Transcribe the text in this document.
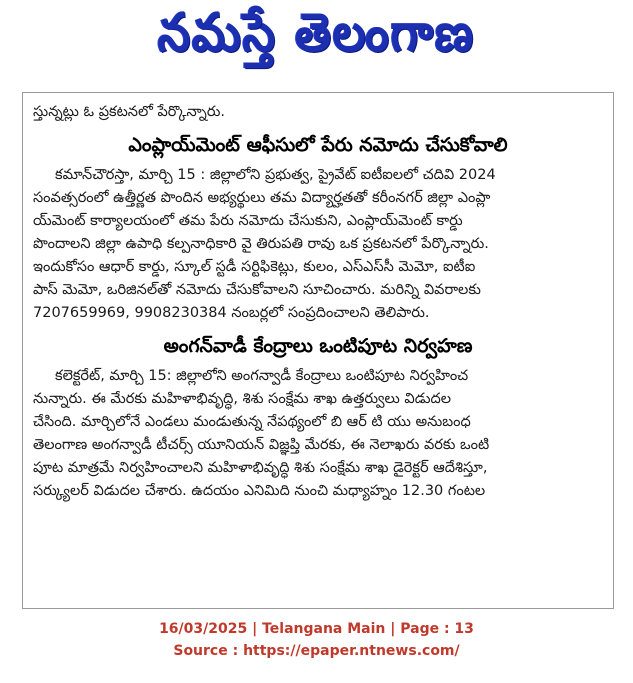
నమస్తే తెలంగాణ
స్తున్నట్లు ఓ ప్రకటనలో పేర్కొన్నారు.
ఎంప్లాయ్‌మెంట్ ఆఫీసులో పేరు నమోదు చేసుకోవాలి
కమాన్‌చౌరస్తా, మార్చి 15 : జిల్లాలోని ప్రభుత్వ, ప్రైవేట్ ఐటీఐలలో చదివి 2024
సంవత్సరంలో ఉత్తీర్ణత పొందిన అభ్యర్థులు తమ విద్యార్హతతో కరీంనగర్ జిల్లా ఎంప్లా
య్‌మెంట్ కార్యాలయంలో తమ పేరు నమోదు చేసుకుని, ఎంప్లాయ్‌మెంట్ కార్డు
పొందాలని జిల్లా ఉపాధి కల్పనాధికారి వై తిరుపతి రావు ఒక ప్రకటనలో పేర్కొన్నారు.
ఇందుకోసం ఆధార్ కార్డు, స్కూల్ స్టడీ సర్టిఫికెట్లు, కులం, ఎస్ఎస్‌సీ మెమో, ఐటీఐ
పాస్ మెమో, ఒరిజినల్‌తో నమోదు చేసుకోవాలని సూచించారు. మరిన్ని వివరాలకు
7207659969, 9908230384 నంబర్లలో సంప్రదించాలని తెలిపారు.
అంగన్‌వాడీ కేంద్రాలు ఒంటిపూట నిర్వహణ
కలెక్టరేట్, మార్చి 15: జిల్లాలోని అంగన్వాడీ కేంద్రాలు ఒంటిపూట నిర్వహించ
నున్నారు. ఈ మేరకు మహిళాభివృద్ధి, శిశు సంక్షేమ శాఖ ఉత్తర్వులు విడుదల
చేసింది. మార్చిలోనే ఎండలు మండుతున్న నేపథ్యంలో బి ఆర్ టి యు అనుబంధ
తెలంగాణ అంగన్వాడీ టీచర్స్ యూనియన్ విజ్ఞప్తి మేరకు, ఈ నెలాఖరు వరకు ఒంటి
పూట మాత్రమే నిర్వహించాలని మహిళాభివృద్ధి శిశు సంక్షేమ శాఖ డైరెక్టర్ ఆదేశిస్తూ,
సర్క్యులర్ విడుదల చేశారు. ఉదయం ఎనిమిది నుంచి మధ్యాహ్నం 12.30 గంటల
16/03/2025 | Telangana Main | Page : 13
Source : https://epaper.ntnews.com/
